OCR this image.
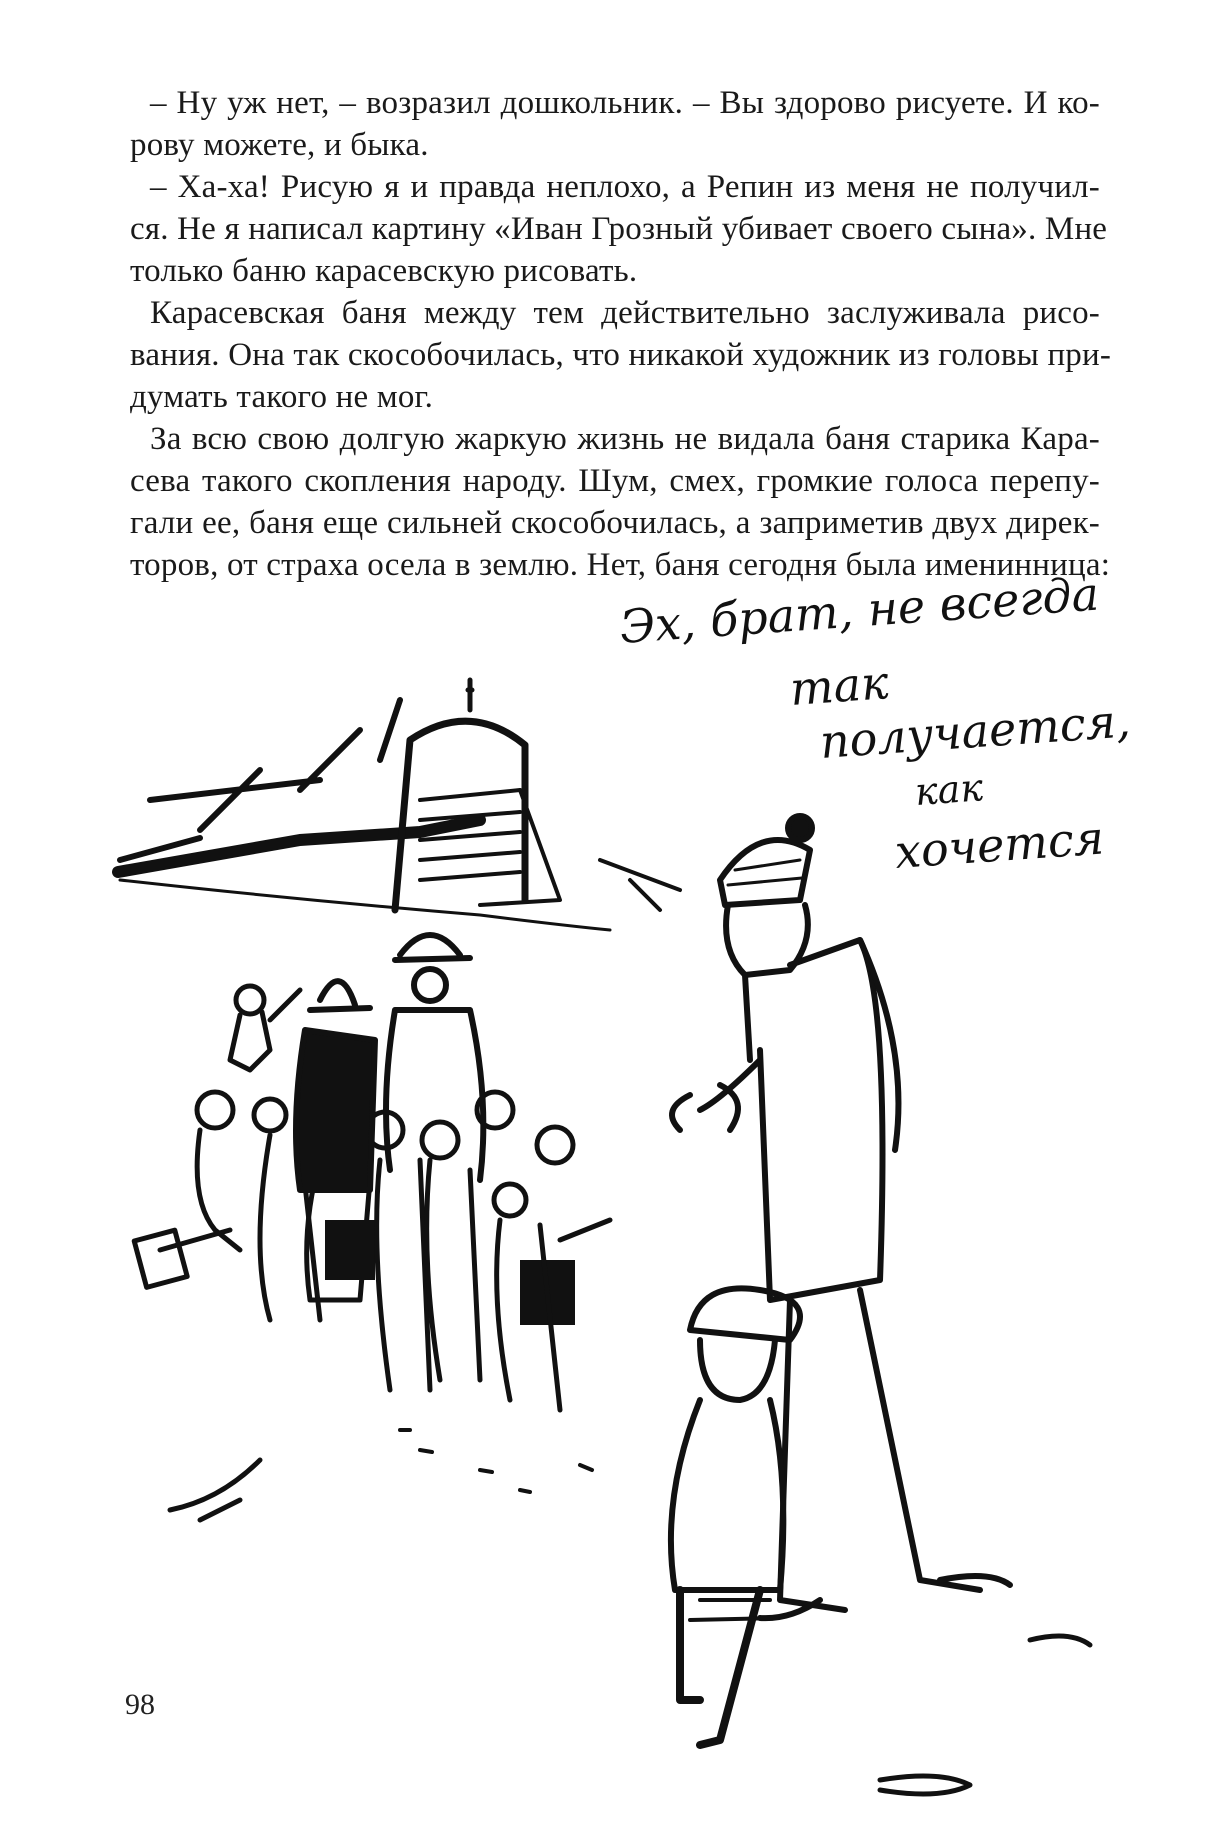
– Ну уж нет, – возразил дошкольник. – Вы здорово рисуете. И ко-
рову можете, и быка.

– Ха-ха! Рисую я и правда неплохо, а Репин из меня не получил-
ся. Не я написал картину «Иван Грозный убивает своего сына». Мне
только баню карасевскую рисовать.

Карасевская баня между тем действительно заслуживала рисо-
вания. Она так скособочилась, что никакой художник из головы при-
думать такого не мог.

За всю свою долгую жаркую жизнь не видала баня старика Кара-
сева такого скопления народу. Шум, смех, громкие голоса перепу-
гали ее, баня еще сильней скособочилась, а заприметив двух дирек-
торов, от страха осела в землю. Нет, баня сегодня была именинница:

Эх, брат, не всегда
так
получается,
как
хочется
98
